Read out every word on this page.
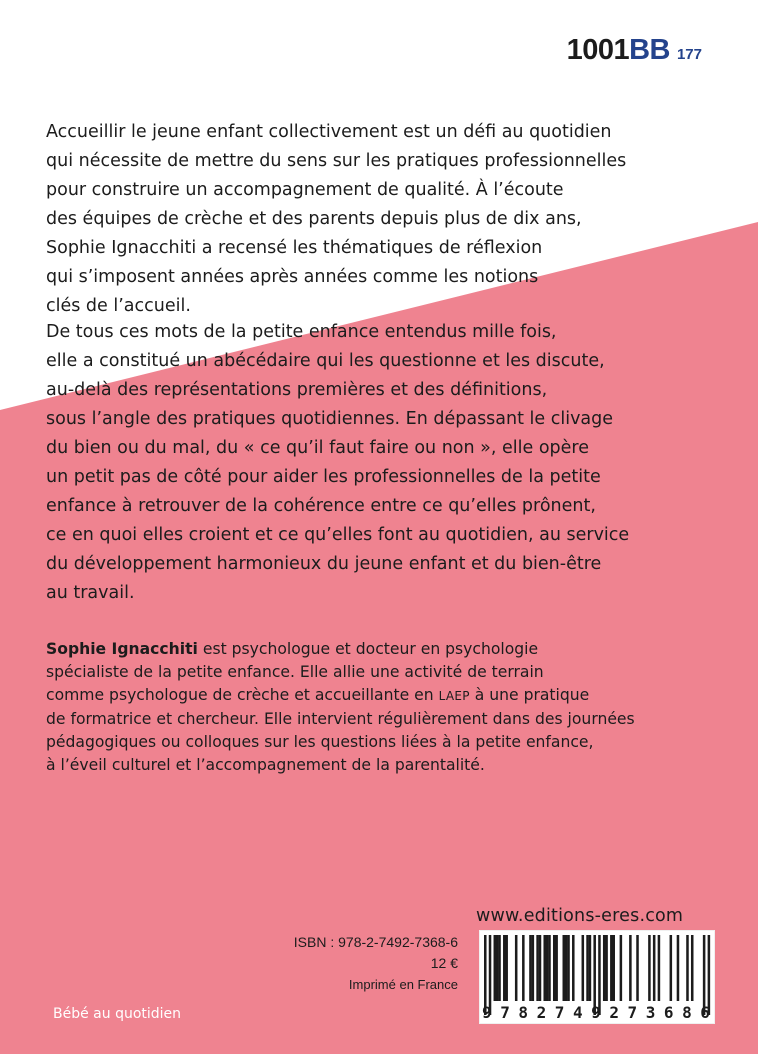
1001BB 177
Accueillir le jeune enfant collectivement est un défi au quotidien
qui nécessite de mettre du sens sur les pratiques professionnelles
pour construire un accompagnement de qualité. À l’écoute
des équipes de crèche et des parents depuis plus de dix ans,
Sophie Ignacchiti a recensé les thématiques de réflexion
qui s’imposent années après années comme les notions
clés de l’accueil.
De tous ces mots de la petite enfance entendus mille fois,
elle a constitué un abécédaire qui les questionne et les discute,
au-delà des représentations premières et des définitions,
sous l’angle des pratiques quotidiennes. En dépassant le clivage
du bien ou du mal, du « ce qu’il faut faire ou non », elle opère
un petit pas de côté pour aider les professionnelles de la petite
enfance à retrouver de la cohérence entre ce qu’elles prônent,
ce en quoi elles croient et ce qu’elles font au quotidien, au service
du développement harmonieux du jeune enfant et du bien-être
au travail.
Sophie Ignacchiti est psychologue et docteur en psychologie
spécialiste de la petite enfance. Elle allie une activité de terrain
comme psychologue de crèche et accueillante en LAEP à une pratique
de formatrice et chercheur. Elle intervient régulièrement dans des journées
pédagogiques ou colloques sur les questions liées à la petite enfance,
à l’éveil culturel et l’accompagnement de la parentalité.
ISBN : 978-2-7492-7368-6
12 €
Imprimé en France
www.editions-eres.com
9 7 8 2 7 4 9 2 7 3 6 8 6
Bébé au quotidien
